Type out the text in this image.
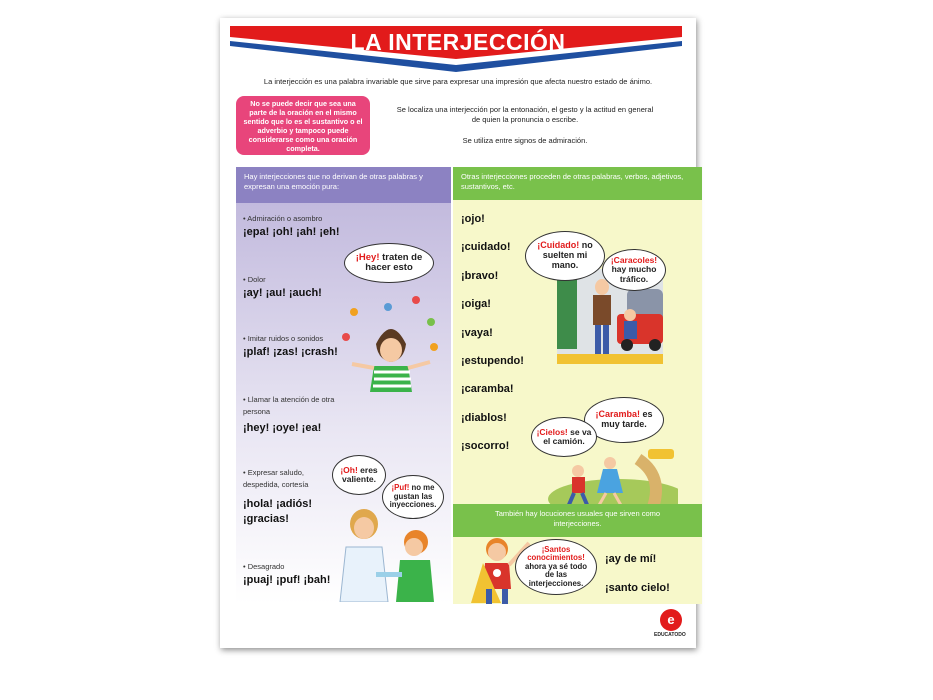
LA INTERJECCIÓN
La interjección es una palabra invariable que sirve para expresar una impresión que afecta nuestro estado de ánimo.
No se puede decir que sea una parte de la oración en el mismo sentido que lo es el sustantivo o el adverbio y tampoco puede considerarse como una oración completa.
Se localiza una interjección por la entonación, el gesto y la actitud en general de quien la pronuncia o escribe.
Se utiliza entre signos de admiración.
Hay interjecciones que no derivan de otras palabras y expresan una emoción pura:
• Admiración o asombro
¡epa! ¡oh! ¡ah! ¡eh!
• Dolor
¡ay! ¡au! ¡auch!
• Imitar ruidos o sonidos
¡plaf! ¡zas! ¡crash!
• Llamar la atención de otra persona
¡hey! ¡oye! ¡ea!
• Expresar saludo, despedida, cortesía
¡hola! ¡adiós! ¡gracias!
• Desagrado
¡puaj! ¡puf! ¡bah!
¡Hey! traten de hacer esto
¡Oh! eres valiente.
¡Puf! no me gustan las inyecciones.
Otras interjecciones proceden de otras palabras, verbos, adjetivos, sustantivos, etc.
¡ojo!
¡cuidado!
¡bravo!
¡oiga!
¡vaya!
¡estupendo!
¡caramba!
¡diablos!
¡socorro!
¡Cuidado! no suelten mi mano.	¡Caracoles! hay mucho tráfico.
¡Caramba! es muy tarde.
¡Cielos! se va el camión.
También hay locuciones usuales que sirven como interjecciones.
¡Santos conocimientos! ahora ya sé todo de las interjecciones.
¡ay de mí!
¡santo cielo!
e
EDUCATODO
